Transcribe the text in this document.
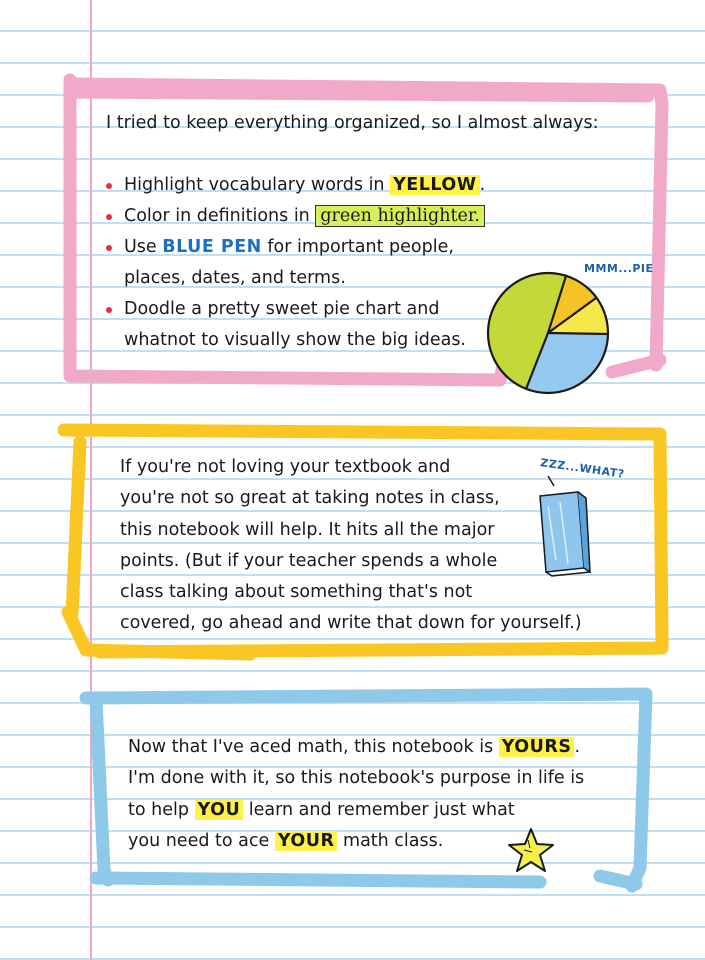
I tried to keep everything organized, so I almost always:
Highlight vocabulary words in YELLOW .
Color in definitions in green highlighter.
Use BLUE PEN for important people,
places, dates, and terms.
Doodle a pretty sweet pie chart and
whatnot to visually show the big ideas.
MMM...PIE
If you're not loving your textbook and
you're not so great at taking notes in class,
this notebook will help. It hits all the major
points. (But if your teacher spends a whole
class talking about something that's not
covered, go ahead and write that down for yourself.)
ZZZ...WHAT?
Now that I've aced math, this notebook is YOURS .
I'm done with it, so this notebook's purpose in life is
to help YOU learn and remember just what
you need to ace YOUR math class.
